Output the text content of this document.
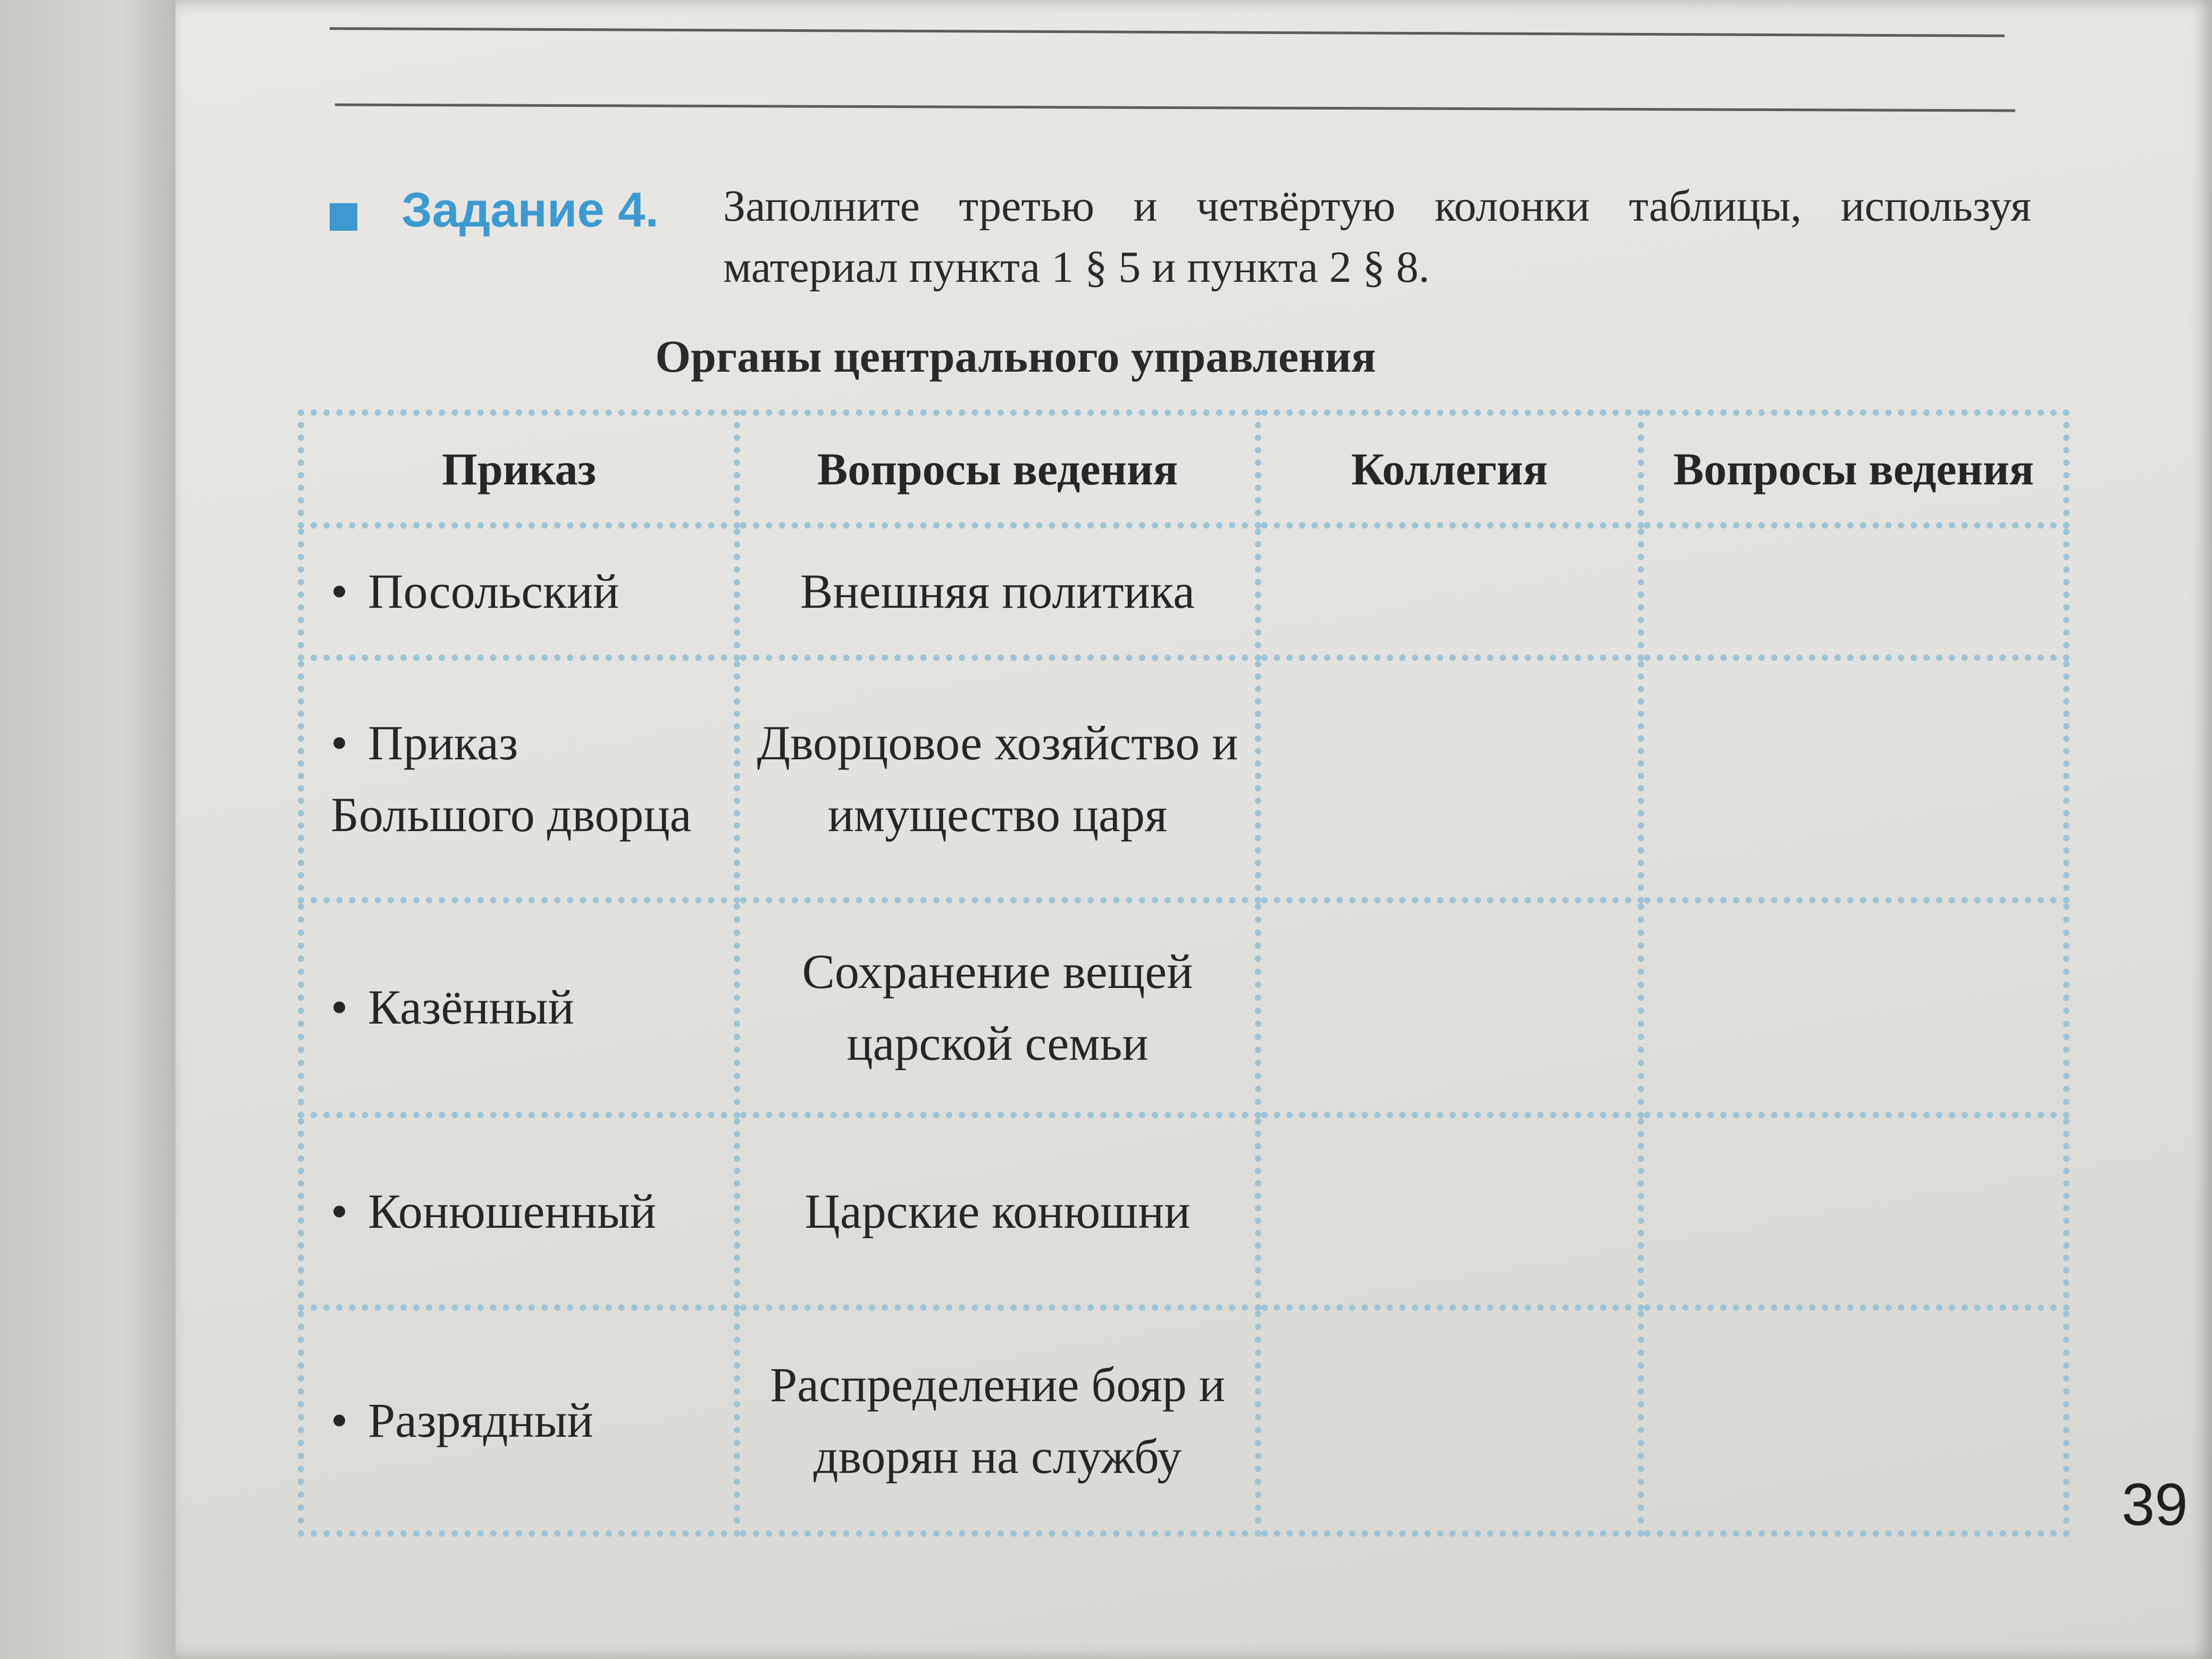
Задание 4. Заполните третью и четвёртую колонки таблицы, используя материал пункта 1 § 5 и пункта 2 § 8.
Органы центрального управления
Приказ	Вопросы ведения	Коллегия	Вопросы ведения
• Посольский	Внешняя политика		
• Приказ Большого дворца	Дворцовое хозяйство и имущество царя		
• Казённый	Сохранение вещей царской семьи		
• Конюшенный	Царские конюшни		
• Разрядный	Распределение бояр и дворян на службу		
39
